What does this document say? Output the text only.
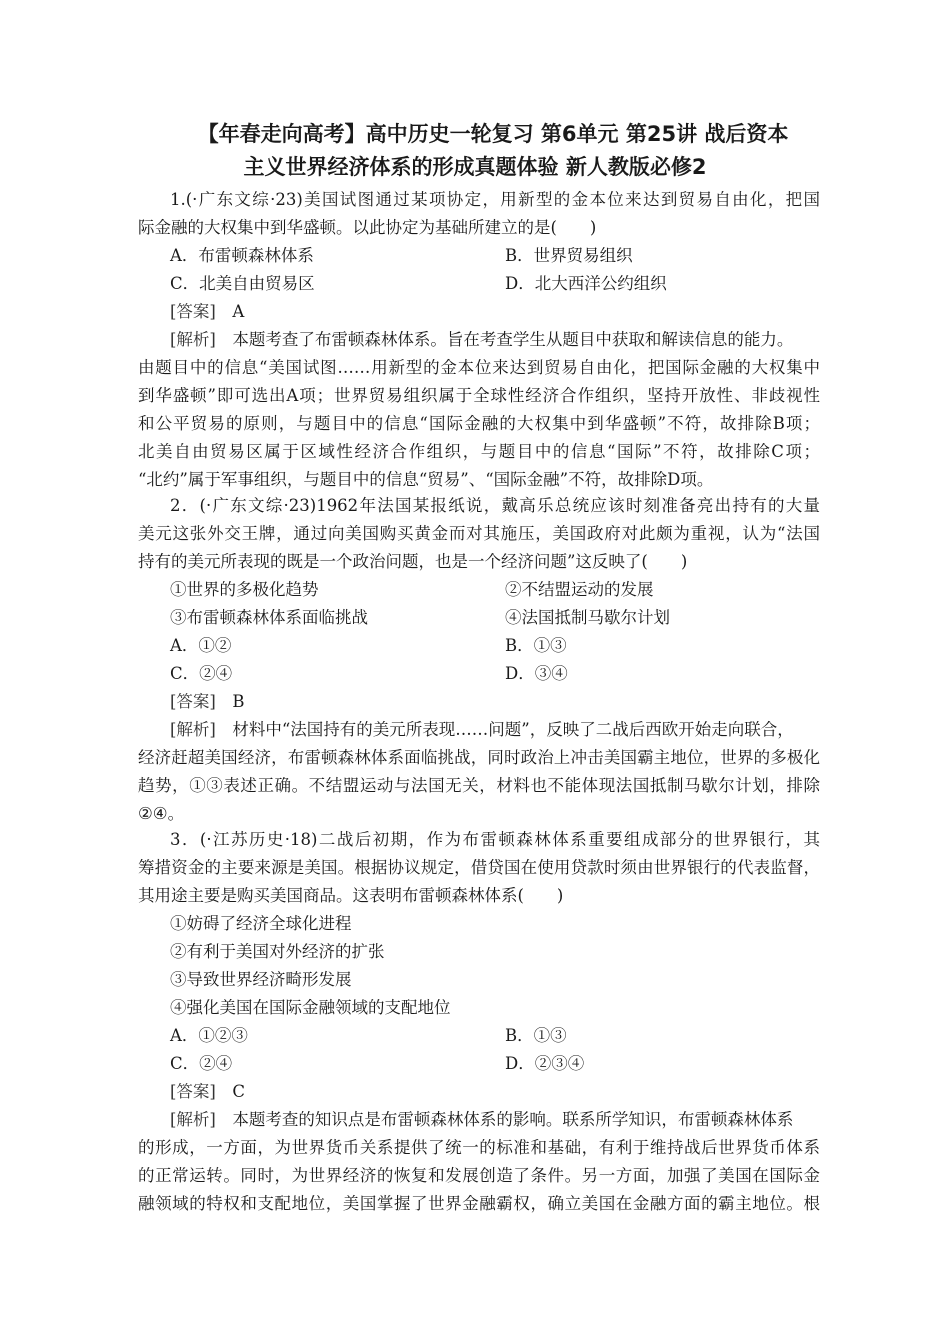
【年春走向高考】高中历史一轮复习 第6单元 第25讲 战后资本
主义世界经济体系的形成真题体验 新人教版必修2
1.(·广东文综·23)美国试图通过某项协定，用新型的金本位来达到贸易自由化，把国
际金融的大权集中到华盛顿。以此协定为基础所建立的是(　　)
A．布雷顿森林体系	B．世界贸易组织
C．北美自由贸易区	D．北大西洋公约组织
[答案]　 A
[解析]　 本题考查了布雷顿森林体系。旨在考查学生从题目中获取和解读信息的能力。
由题目中的信息“美国试图……用新型的金本位来达到贸易自由化，把国际金融的大权集中
到华盛顿”即可选出A项；世界贸易组织属于全球性经济合作组织，坚持开放性、非歧视性
和公平贸易的原则，与题目中的信息“国际金融的大权集中到华盛顿”不符，故排除B项；
北美自由贸易区属于区域性经济合作组织，与题目中的信息“国际”不符，故排除C项；
“北约”属于军事组织，与题目中的信息“贸易”、“国际金融”不符，故排除D项。
2．(·广东文综·23)1962年法国某报纸说，戴高乐总统应该时刻准备亮出持有的大量
美元这张外交王牌，通过向美国购买黄金而对其施压，美国政府对此颇为重视，认为“法国
持有的美元所表现的既是一个政治问题，也是一个经济问题”这反映了(　　)
①世界的多极化趋势	②不结盟运动的发展
③布雷顿森林体系面临挑战	④法国抵制马歇尔计划
A．①②	B．①③
C．②④	D．③④
[答案]　 B
[解析]　 材料中“法国持有的美元所表现……问题”，反映了二战后西欧开始走向联合，
经济赶超美国经济，布雷顿森林体系面临挑战，同时政治上冲击美国霸主地位，世界的多极化
趋势，①③表述正确。不结盟运动与法国无关，材料也不能体现法国抵制马歇尔计划，排除
②④。
3．(·江苏历史·18)二战后初期，作为布雷顿森林体系重要组成部分的世界银行，其
筹措资金的主要来源是美国。根据协议规定，借贷国在使用贷款时须由世界银行的代表监督，
其用途主要是购买美国商品。这表明布雷顿森林体系(　　)
①妨碍了经济全球化进程
②有利于美国对外经济的扩张
③导致世界经济畸形发展
④强化美国在国际金融领域的支配地位
A．①②③	B．①③
C．②④	D．②③④
[答案]　 C
[解析]　 本题考查的知识点是布雷顿森林体系的影响。联系所学知识，布雷顿森林体系
的形成，一方面，为世界货币关系提供了统一的标准和基础，有利于维持战后世界货币体系
的正常运转。同时，为世界经济的恢复和发展创造了条件。另一方面，加强了美国在国际金
融领域的特权和支配地位，美国掌握了世界金融霸权，确立美国在金融方面的霸主地位。根
